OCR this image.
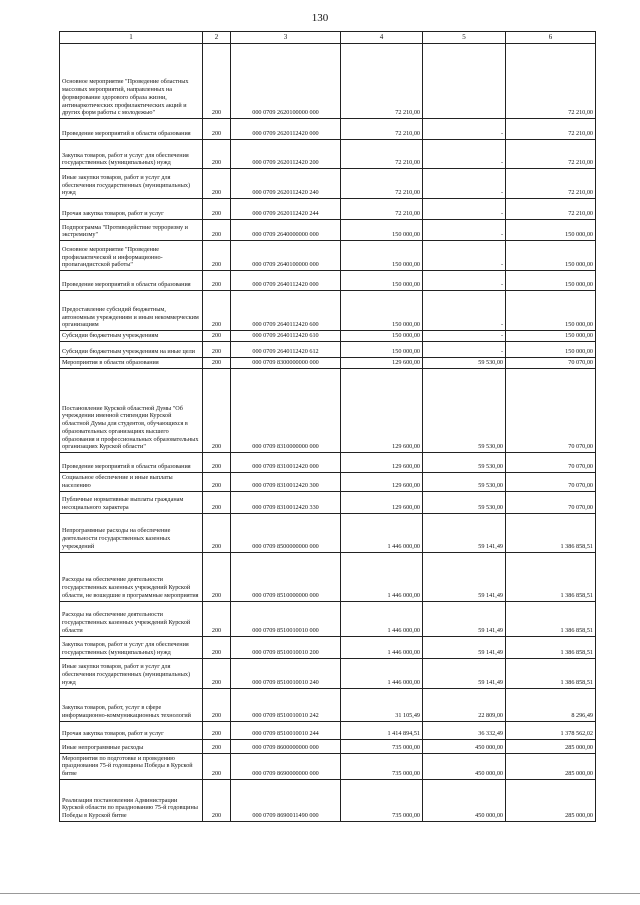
130
1	2	3	4	5	6
Основное мероприятие "Проведение областных массовых мероприятий, направленных на формирование здорового образа жизни, антинаркотических профилактических акций и других форм работы с молодежью"	200	000 0709 2620100000 000	72 210,00		72 210,00
Проведение мероприятий в области образования	200	000 0709 2620112420 000	72 210,00	-	72 210,00
Закупка товаров, работ и услуг для обеспечения государственных (муниципальных) нужд	200	000 0709 2620112420 200	72 210,00	-	72 210,00
Иные закупки товаров, работ и услуг для обеспечения государственных (муниципальных) нужд	200	000 0709 2620112420 240	72 210,00	-	72 210,00
Прочая закупка товаров, работ и услуг	200	000 0709 2620112420 244	72 210,00	-	72 210,00
Подпрограмма "Противодействие терроризму и экстремизму"	200	000 0709 2640000000 000	150 000,00	-	150 000,00
Основное мероприятие "Проведение профилактической и информационно-пропагандистской работы"	200	000 0709 2640100000 000	150 000,00	-	150 000,00
Проведение мероприятий в области образования	200	000 0709 2640112420 000	150 000,00	-	150 000,00
Предоставление субсидий бюджетным, автономным учреждениям и иным некоммерческим организациям	200	000 0709 2640112420 600	150 000,00	-	150 000,00
Субсидии бюджетным учреждениям	200	000 0709 2640112420 610	150 000,00	-	150 000,00
Субсидии бюджетным учреждениям на иные цели	200	000 0709 2640112420 612	150 000,00	-	150 000,00
Мероприятия в области образования	200	000 0709 8300000000 000	129 600,00	59 530,00	70 070,00
Постановление Курской областной Думы "Об учреждении именной стипендии Курской областной Думы для студентов, обучающихся в образовательных организациях высшего образования и профессиональных образовательных организациях Курской области"	200	000 0709 8310000000 000	129 600,00	59 530,00	70 070,00
Проведение мероприятий в области образования	200	000 0709 8310012420 000	129 600,00	59 530,00	70 070,00
Социальное обеспечение и иные выплаты населению	200	000 0709 8310012420 300	129 600,00	59 530,00	70 070,00
Публичные нормативные выплаты гражданам несоциального характера	200	000 0709 8310012420 330	129 600,00	59 530,00	70 070,00
Непрограммные расходы на обеспечение деятельности государственных казенных учреждений	200	000 0709 8500000000 000	1 446 000,00	59 141,49	1 386 858,51
Расходы на обеспечение деятельности государственных казенных учреждений Курской области, не вошедшие в программные мероприятия	200	000 0709 8510000000 000	1 446 000,00	59 141,49	1 386 858,51
Расходы на обеспечение деятельности государственных казенных учреждений Курской области	200	000 0709 8510010010 000	1 446 000,00	59 141,49	1 386 858,51
Закупка товаров, работ и услуг для обеспечения государственных (муниципальных) нужд	200	000 0709 8510010010 200	1 446 000,00	59 141,49	1 386 858,51
Иные закупки товаров, работ и услуг для обеспечения государственных (муниципальных) нужд	200	000 0709 8510010010 240	1 446 000,00	59 141,49	1 386 858,51
Закупка товаров, работ, услуг в сфере информационно-коммуникационных технологий	200	000 0709 8510010010 242	31 105,49	22 809,00	8 296,49
Прочая закупка товаров, работ и услуг	200	000 0709 8510010010 244	1 414 894,51	36 332,49	1 378 562,02
Иные непрограммные расходы	200	000 0709 8600000000 000	735 000,00	450 000,00	285 000,00
Мероприятия по подготовке и проведению празднования 75-й годовщины Победы в Курской битве	200	000 0709 8690000000 000	735 000,00	450 000,00	285 000,00
Реализация постановления Администрации Курской области по празднованию 75-й годовщины Победы в Курской битве	200	000 0709 8690011490 000	735 000,00	450 000,00	285 000,00
